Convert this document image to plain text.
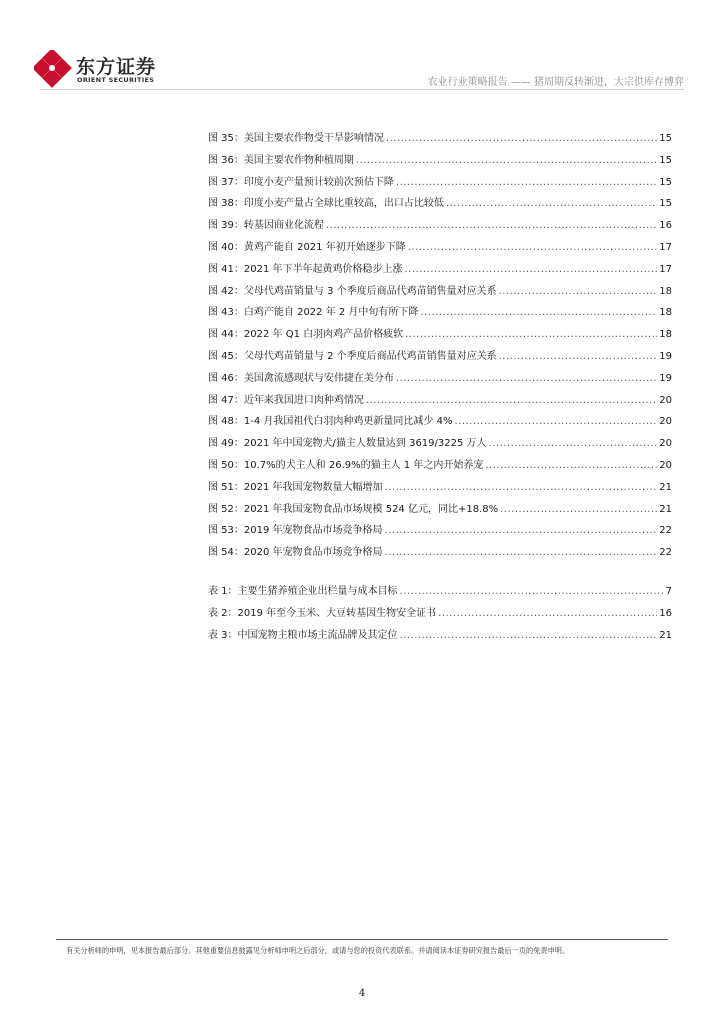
东方证券
ORIENT SECURITIES	农业行业策略报告 —— 猪周期反转渐进，大宗供库存博弈
图 35：美国主要农作物受干旱影响情况 .....	15
图 36：美国主要农作物种植周期 .....	15
图 37：印度小麦产量预计较前次预估下降 .....	15
图 38：印度小麦产量占全球比重较高，出口占比较低 .....	15
图 39：转基因商业化流程 .....	16
图 40：黄鸡产能自 2021 年初开始逐步下降 .....	17
图 41：2021 年下半年起黄鸡价格稳步上涨 .....	17
图 42：父母代鸡苗销量与 3 个季度后商品代鸡苗销售量对应关系 .....	18
图 43：白鸡产能自 2022 年 2 月中旬有所下降 .....	18
图 44：2022 年 Q1 白羽肉鸡产品价格疲软 .....	18
图 45：父母代鸡苗销量与 2 个季度后商品代鸡苗销售量对应关系 .....	19
图 46：美国禽流感现状与安伟捷在美分布 .....	19
图 47：近年来我国进口肉种鸡情况 .....	20
图 48：1-4 月我国祖代白羽肉种鸡更新量同比减少 4% .....	20
图 49：2021 年中国宠物犬/猫主人数量达到 3619/3225 万人 .....	20
图 50：10.7%的犬主人和 26.9%的猫主人 1 年之内开始养宠 .....	20
图 51：2021 年我国宠物数量大幅增加 .....	21
图 52：2021 年我国宠物食品市场规模 524 亿元，同比+18.8% .....	21
图 53：2019 年宠物食品市场竞争格局 .....	22
图 54：2020 年宠物食品市场竞争格局 .....	22
表 1：主要生猪养殖企业出栏量与成本目标 .....	7
表 2：2019 年至今玉米、大豆转基因生物安全证书 .....	16
表 3：中国宠物主粮市场主流品牌及其定位 .....	21
有关分析师的申明，见本报告最后部分。其他重要信息披露见分析师申明之后部分，或请与您的投资代表联系。并请阅读本证券研究报告最后一页的免责申明。
4
